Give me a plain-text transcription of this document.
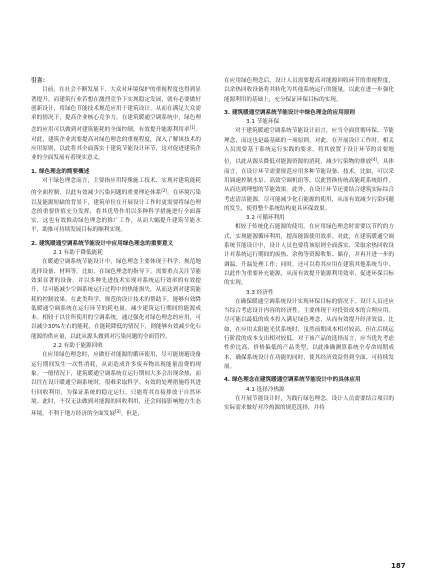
引言：

目前，在社会不断发展下，大众对环境保护的重视程度也得到显著提升，而建筑行业若想在激烈竞争下实现稳定发展，就有必要做好创新设计，将绿色节能技术规范应用于建筑设计，从而在满足大众需求的情况下，提高企业核心竞争力。在建筑暖通空调系统中，绿色理念的应用可以做到对建筑能耗的全面控制，有效提升能源利用率[1]。对此，建筑企业需要提高对绿色理念的重视程度，深入了解该技术的应用原则，以此将其全面落实于建筑节能设计环节，这对促进建筑企业的全面发展有着现实意义。

1. 绿色理念的简要概述

对于绿色理念而言，主要指应用特殊施工技术、实现对建筑能耗的全面控制，以此有效减少污染问题的重要理论体系[2]。在环境污染以及能源短缺的背景下，建筑单位在开展设计工作时更需要将绿色理念的重要价值充分发挥，将其优势作用以多种科学措施进行全面落实，这也有效推动绿色理念的推广工作，从而大幅提升建筑节能水平，助推可持续发展目标的顺利实现。

2. 建筑暖通空调系统节能设计中应用绿色理念的重要意义

2.1 有助于降低能耗

在暖通空调系统节能设计中，绿色理念主要体现于科学、规范地选择设备、材料等。比如，在绿色理念的指导下，需要重点关注节能效果显著的设备，并以多种先进技术实现对系统运行效率的有效提升，尽可能减少空调系统运行过程中的热能损失，从而达到对建筑能耗的控制效果。在此类科学、规范的设计技术的帮助下，能够有效降低暖通空调系统在运行环节的耗电量，减少建筑运行期间的能源成本。相较于以往所使用的空调系统，通过强化对绿色理念的应用，可以减少30%左右的能耗，在能耗降低的情况下，则能够有效减少化石能源的供应量，以此从源头做到对污染问题的全面管控。

2.2 有助于能源回收

在应用绿色理念时，应做好对能源的循环使用，尽可能规避设备运行期间发生一次性消耗，从而造成许多废弃物出现能量浪费的现象。一般情况下，建筑暖通空调系统在运行期间大多会出现余热，而以往在设计暖通空调系统时，很难采取科学、有效的处理措施将其进行回收利用，为保证系统的稳定运行，只能将其直接排放于自然环境。此时，不仅无法做到对能源的回收利用，还会间接影响地方生态环境。不利于地方经济的全面发展[3]。但是，

在应用绿色理念后，设计人员需要提高对能源回收环节的重视程度，以余热回收设备将其转化为其他系统运行的能量，以此在进一步强化能源利用的基础上，充分保证环保目标的实现。

3. 建筑暖通空调系统节能设计中绿色理念的应用原则

3.1 节能环保

对于建筑暖通空调系统节能设计而言，应当全面贯彻环保、节能理念，而这也是最基础的一项原则。对此，在开展设计工作时，相关人员需要基于系统运行实践的要求，将其放置于设计环节的首要地位，以此从源头降低对能源资源的消耗，减少污染物的排放[4]。具体而言，在设计环节需要规范应用多种节能设备、技术。比如，可以采用调速控制水泵、高效空调机组等，以此替换传统高能耗系统组件，从而达到理想的节能效果。此外，在设计环节还要结合建筑实际综合考虑清洁能源，尽可能减少化石能源的使用，从而有效减少污染问题的发生，使得整个系统结构更具环保效果。

3.2 可循环利用

相较于传统化石能源的使用，在应用绿色理念时需要以节约的方式，实现能源循环利用，提高能源使用效率。对此，在建筑暖通空调系统节能设计中，设计人员也要将该原则全面落实，采取余热回收设计对系统运行期间的废热、余热等资源收集、储存，并再开进一步的调温、升温处理工作；同时，还可以将其应用在建筑其他系统当中，以此作为重要补充能源，从而有效提升能源利用效率，促进环保目标的实现。

3.3 经济性

在确保暖通空调系统设计实现环保目标的情况下，设计人员还应当综合考虑设计内容的经济性。主要体现于对投资成本的合理应用，尽可能以最低的成本投入满足绿色理念，从而有效提升经济效益。比如，在应用太阳能光伏系统时，虽然前期成本相对较高，但在后续运行阶段的成本支出相对较低。对于该产品的选择而言，应当优先考虑性价比高、价格偏低的产品类型，以此准确测算系统全寿命周期成本，确保系统设计在功能的同时，使其经济效益得到全面、可持续发展。

4. 绿色理念在建筑暖通空调系统节能设计中的具体应用

4.1 选择冷热源

在开展节能设计时，为践行绿色理念，设计人员需要结合项目的实际需求做好对冷热源的规范选择，并持

187
